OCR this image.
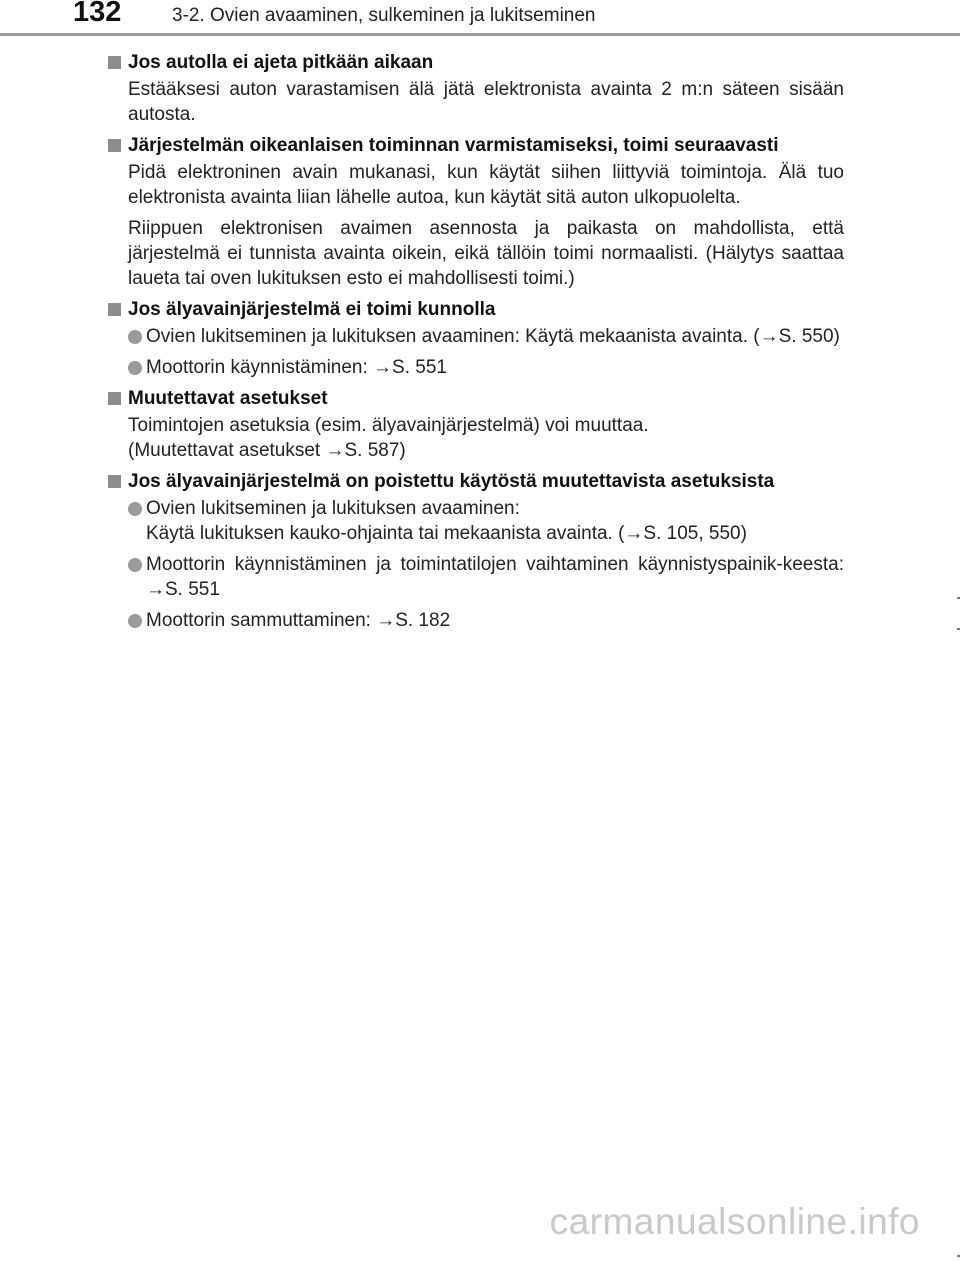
132	3-2. Ovien avaaminen, sulkeminen ja lukitseminen
Jos autolla ei ajeta pitkään aikaan
Estääksesi auton varastamisen älä jätä elektronista avainta 2 m:n säteen sisään autosta.
Järjestelmän oikeanlaisen toiminnan varmistamiseksi, toimi seuraavasti
Pidä elektroninen avain mukanasi, kun käytät siihen liittyviä toimintoja. Älä tuo elektronista avainta liian lähelle autoa, kun käytät sitä auton ulkopuolelta.
Riippuen elektronisen avaimen asennosta ja paikasta on mahdollista, että järjestelmä ei tunnista avainta oikein, eikä tällöin toimi normaalisti. (Hälytys saattaa laueta tai oven lukituksen esto ei mahdollisesti toimi.)
Jos älyavainjärjestelmä ei toimi kunnolla
Ovien lukitseminen ja lukituksen avaaminen: Käytä mekaanista avainta. (→S. 550)
Moottorin käynnistäminen: →S. 551
Muutettavat asetukset
Toimintojen asetuksia (esim. älyavainjärjestelmä) voi muuttaa.
(Muutettavat asetukset →S. 587)
Jos älyavainjärjestelmä on poistettu käytöstä muutettavista asetuksista
Ovien lukitseminen ja lukituksen avaaminen:
Käytä lukituksen kauko-ohjainta tai mekaanista avainta. (→S. 105, 550)
Moottorin käynnistäminen ja toimintatilojen vaihtaminen käynnistyspainik-keesta: →S. 551
Moottorin sammuttaminen: →S. 182
carmanualsonline.info
